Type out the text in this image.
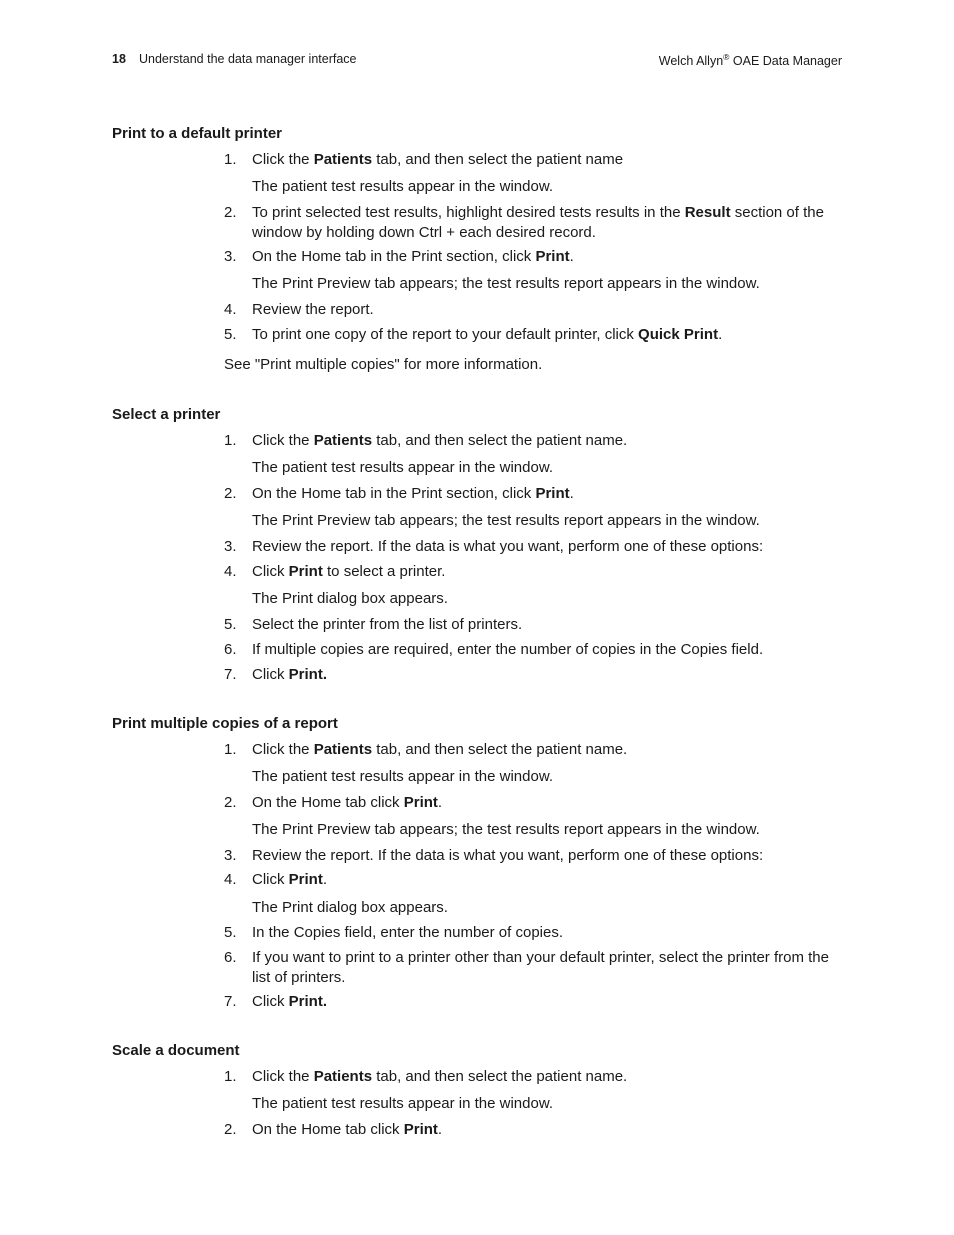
18 Understand the data manager interface	Welch Allyn® OAE Data Manager
Print to a default printer
1.	Click the Patients tab, and then select the patient name
The patient test results appear in the window.
2.	To print selected test results, highlight desired tests results in the Result section of the window by holding down Ctrl + each desired record.
3.	On the Home tab in the Print section, click Print.
The Print Preview tab appears; the test results report appears in the window.
4.	Review the report.
5.	To print one copy of the report to your default printer, click Quick Print.
See "Print multiple copies" for more information.
Select a printer
1.	Click the Patients tab, and then select the patient name.
The patient test results appear in the window.
2.	On the Home tab in the Print section, click Print.
The Print Preview tab appears; the test results report appears in the window.
3.	Review the report. If the data is what you want, perform one of these options:
4.	Click Print to select a printer.
The Print dialog box appears.
5.	Select the printer from the list of printers.
6.	If multiple copies are required, enter the number of copies in the Copies field.
7.	Click Print.
Print multiple copies of a report
1.	Click the Patients tab, and then select the patient name.
The patient test results appear in the window.
2.	On the Home tab click Print.
The Print Preview tab appears; the test results report appears in the window.
3.	Review the report. If the data is what you want, perform one of these options:
4.	Click Print.
The Print dialog box appears.
5.	In the Copies field, enter the number of copies.
6.	If you want to print to a printer other than your default printer, select the printer from the list of printers.
7.	Click Print.
Scale a document
1.	Click the Patients tab, and then select the patient name.
The patient test results appear in the window.
2.	On the Home tab click Print.
